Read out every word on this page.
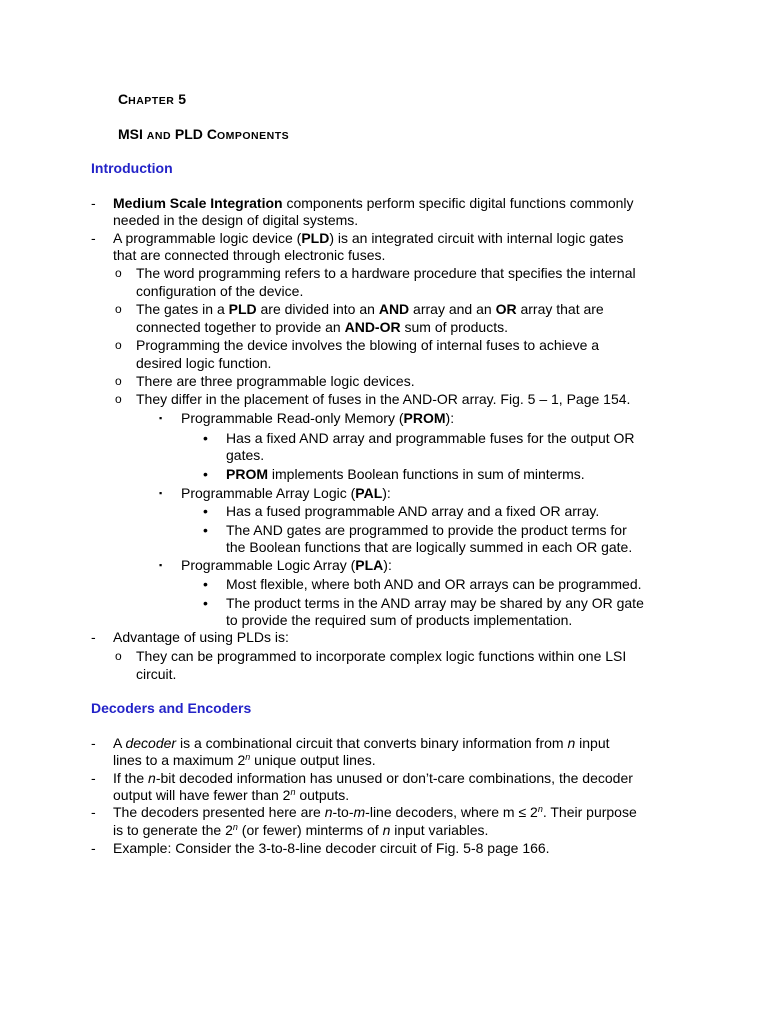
CHAPTER 5
MSI AND PLD COMPONENTS
Introduction
- Medium Scale Integration components perform specific digital functions commonly
needed in the design of digital systems.
- A programmable logic device (PLD) is an integrated circuit with internal logic gates
that are connected through electronic fuses.
o The word programming refers to a hardware procedure that specifies the internal
configuration of the device.
o The gates in a PLD are divided into an AND array and an OR array that are
connected together to provide an AND-OR sum of products.
o Programming the device involves the blowing of internal fuses to achieve a
desired logic function.
o There are three programmable logic devices.
o They differ in the placement of fuses in the AND-OR array. Fig. 5 – 1, Page 154.
▪ Programmable Read-only Memory (PROM):
• Has a fixed AND array and programmable fuses for the output OR
gates.
• PROM implements Boolean functions in sum of minterms.
▪ Programmable Array Logic (PAL):
• Has a fused programmable AND array and a fixed OR array.
• The AND gates are programmed to provide the product terms for
the Boolean functions that are logically summed in each OR gate.
▪ Programmable Logic Array (PLA):
• Most flexible, where both AND and OR arrays can be programmed.
• The product terms in the AND array may be shared by any OR gate
to provide the required sum of products implementation.
- Advantage of using PLDs is:
o They can be programmed to incorporate complex logic functions within one LSI
circuit.
Decoders and Encoders
- A decoder is a combinational circuit that converts binary information from n input
lines to a maximum 2$^n$ unique output lines.
- If the n-bit decoded information has unused or don’t-care combinations, the decoder
output will have fewer than 2$^n$ outputs.
- The decoders presented here are n-to-m-line decoders, where $m \le 2^n$. Their purpose
is to generate the 2$^n$ (or fewer) minterms of n input variables.
- Example: Consider the 3-to-8-line decoder circuit of Fig. 5-8 page 166.
